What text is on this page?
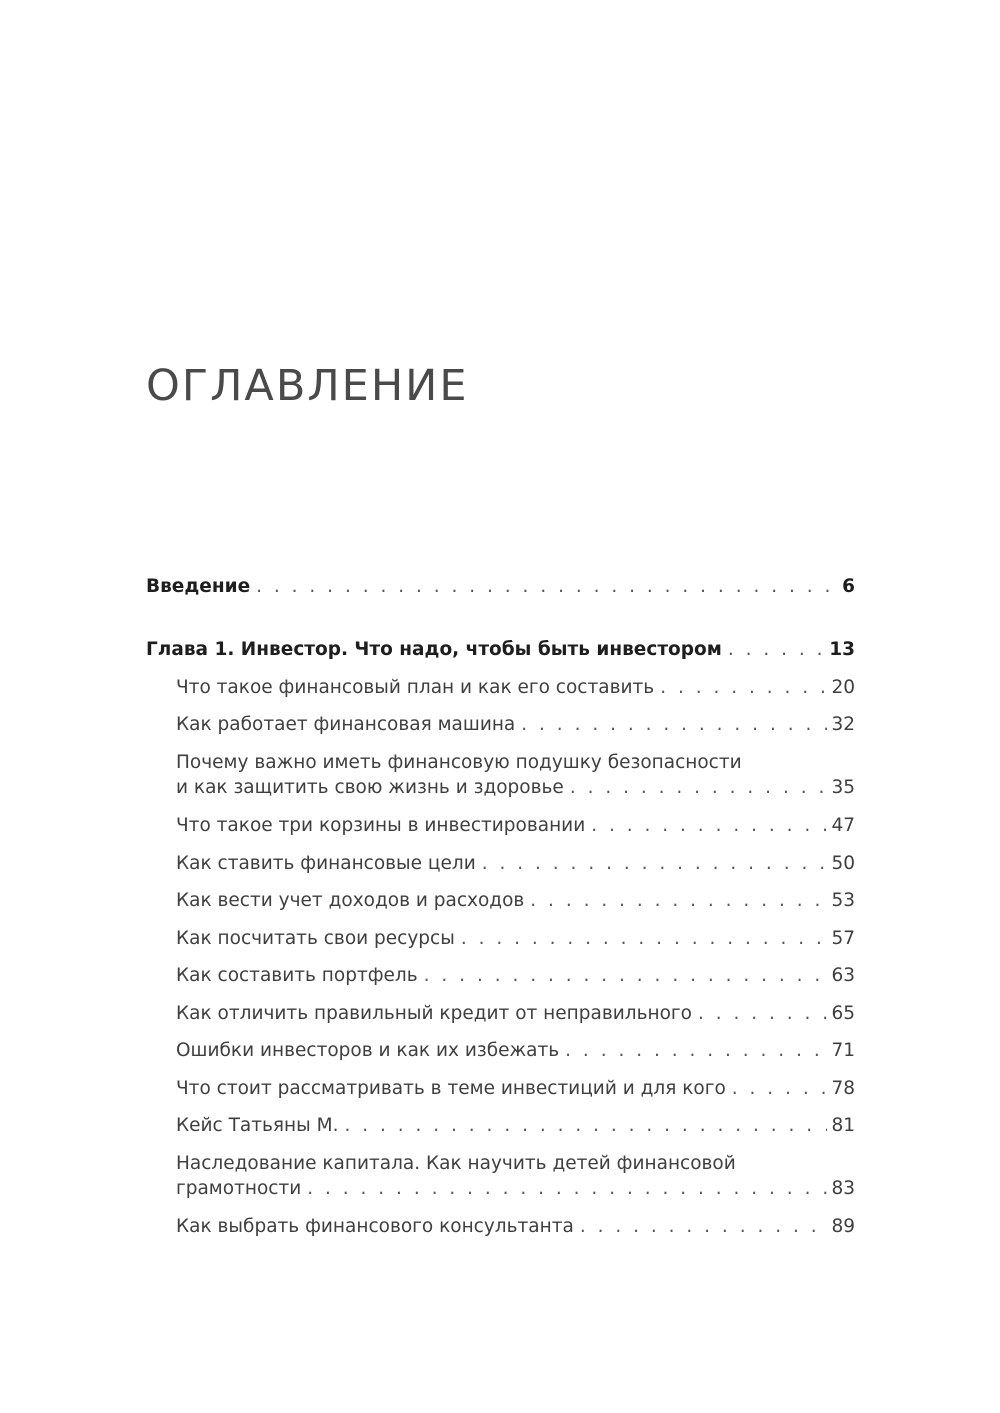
ОГЛАВЛЕНИЕ
Введение . . .	6
Глава 1. Инвестор. Что надо, чтобы быть инвестором . . .	13
Что такое финансовый план и как его составить . . .	20
Как работает финансовая машина . . .	32
Почему важно иметь финансовую подушку безопасности
и как защитить свою жизнь и здоровье . . .	35
Что такое три корзины в инвестировании . . .	47
Как ставить финансовые цели . . .	50
Как вести учет доходов и расходов . . .	53
Как посчитать свои ресурсы . . .	57
Как составить портфель . . .	63
Как отличить правильный кредит от неправильного . . .	65
Ошибки инвесторов и как их избежать . . .	71
Что стоит рассматривать в теме инвестиций и для кого . . .	78
Кейс Татьяны М. . . .	81
Наследование капитала. Как научить детей финансовой
грамотности . . .	83
Как выбрать финансового консультанта . . .	89
